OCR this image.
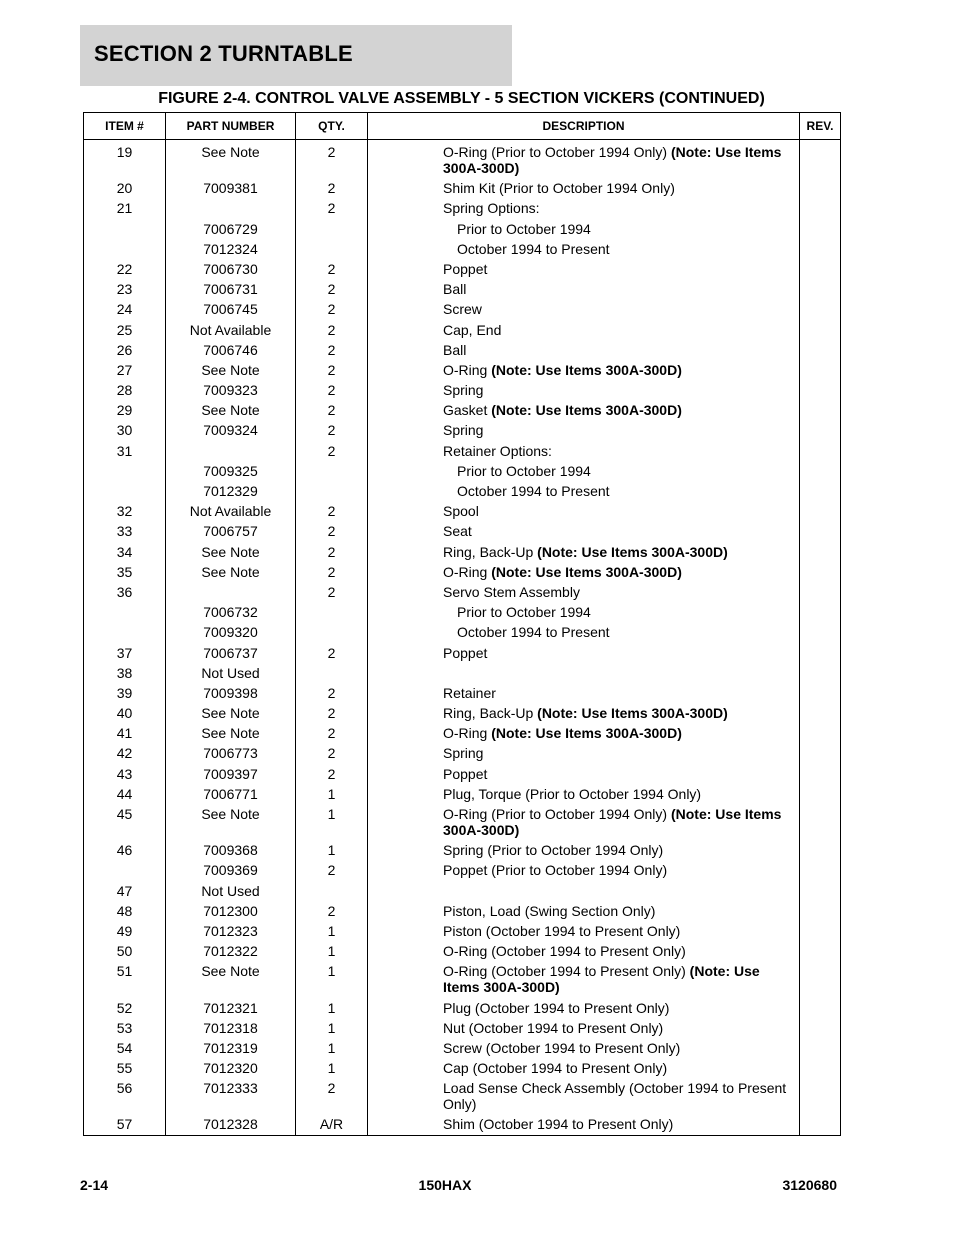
SECTION 2 TURNTABLE
FIGURE 2-4. CONTROL VALVE ASSEMBLY - 5 SECTION VICKERS (CONTINUED)
ITEM #	PART NUMBER	QTY.	DESCRIPTION	REV.
19	See Note	2	O-Ring (Prior to October 1994 Only) (Note: Use Items 300A-300D)	
20	7009381	2	Shim Kit (Prior to October 1994 Only)	
21		2	Spring Options:	
	7006729		Prior to October 1994	
	7012324		October 1994 to Present	
22	7006730	2	Poppet	
23	7006731	2	Ball	
24	7006745	2	Screw	
25	Not Available	2	Cap, End	
26	7006746	2	Ball	
27	See Note	2	O-Ring (Note: Use Items 300A-300D)	
28	7009323	2	Spring	
29	See Note	2	Gasket (Note: Use Items 300A-300D)	
30	7009324	2	Spring	
31		2	Retainer Options:	
	7009325		Prior to October 1994	
	7012329		October 1994 to Present	
32	Not Available	2	Spool	
33	7006757	2	Seat	
34	See Note	2	Ring, Back-Up (Note: Use Items 300A-300D)	
35	See Note	2	O-Ring (Note: Use Items 300A-300D)	
36		2	Servo Stem Assembly	
	7006732		Prior to October 1994	
	7009320		October 1994 to Present	
37	7006737	2	Poppet	
38	Not Used			
39	7009398	2	Retainer	
40	See Note	2	Ring, Back-Up (Note: Use Items 300A-300D)	
41	See Note	2	O-Ring (Note: Use Items 300A-300D)	
42	7006773	2	Spring	
43	7009397	2	Poppet	
44	7006771	1	Plug, Torque (Prior to October 1994 Only)	
45	See Note	1	O-Ring (Prior to October 1994 Only) (Note: Use Items 300A-300D)	
46	7009368	1	Spring (Prior to October 1994 Only)	
	7009369	2	Poppet (Prior to October 1994 Only)	
47	Not Used			
48	7012300	2	Piston, Load (Swing Section Only)	
49	7012323	1	Piston (October 1994 to Present Only)	
50	7012322	1	O-Ring (October 1994 to Present Only)	
51	See Note	1	O-Ring (October 1994 to Present Only) (Note: Use Items 300A-300D)	
52	7012321	1	Plug (October 1994 to Present Only)	
53	7012318	1	Nut (October 1994 to Present Only)	
54	7012319	1	Screw (October 1994 to Present Only)	
55	7012320	1	Cap (October 1994 to Present Only)	
56	7012333	2	Load Sense Check Assembly (October 1994 to Present Only)	
57	7012328	A/R	Shim (October 1994 to Present Only)	
2-14	150HAX	3120680
